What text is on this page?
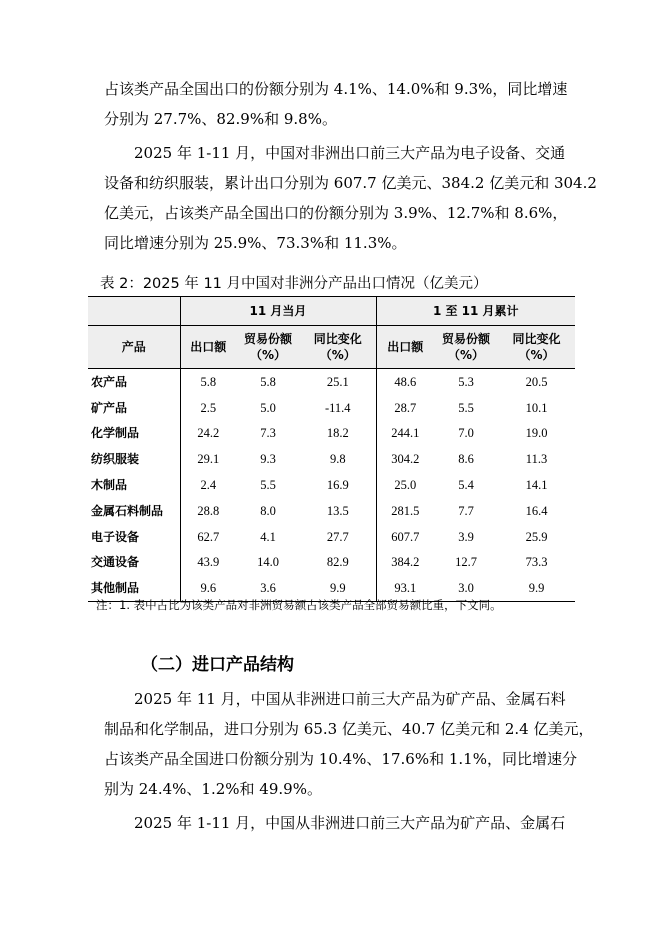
占该类产品全国出口的份额分别为 4.1%、14.0%和 9.3%，同比增速
分别为 27.7%、82.9%和 9.8%。
　　2025 年 1-11 月，中国对非洲出口前三大产品为电子设备、交通
设备和纺织服装，累计出口分别为 607.7 亿美元、384.2 亿美元和 304.2
亿美元，占该类产品全国出口的份额分别为 3.9%、12.7%和 8.6%，
同比增速分别为 25.9%、73.3%和 11.3%。
表 2：2025 年 11 月中国对非洲分产品出口情况（亿美元）
	11 月当月			1 至 11 月累计		
产品	出口额	贸易份额（%）	同比变化（%）	出口额	贸易份额（%）	同比变化（%）
农产品	5.8	5.8	25.1	48.6	5.3	20.5
矿产品	2.5	5.0	-11.4	28.7	5.5	10.1
化学制品	24.2	7.3	18.2	244.1	7.0	19.0
纺织服装	29.1	9.3	9.8	304.2	8.6	11.3
木制品	2.4	5.5	16.9	25.0	5.4	14.1
金属石料制品	28.8	8.0	13.5	281.5	7.7	16.4
电子设备	62.7	4.1	27.7	607.7	3.9	25.9
交通设备	43.9	14.0	82.9	384.2	12.7	73.3
其他制品	9.6	3.6	9.9	93.1	3.0	9.9
注：1. 表中占比为该类产品对非洲贸易额占该类产品全部贸易额比重，下文同。
（二）进口产品结构
　　2025 年 11 月，中国从非洲进口前三大产品为矿产品、金属石料
制品和化学制品，进口分别为 65.3 亿美元、40.7 亿美元和 2.4 亿美元，
占该类产品全国进口份额分别为 10.4%、17.6%和 1.1%，同比增速分
别为 24.4%、1.2%和 49.9%。
　　2025 年 1-11 月，中国从非洲进口前三大产品为矿产品、金属石
